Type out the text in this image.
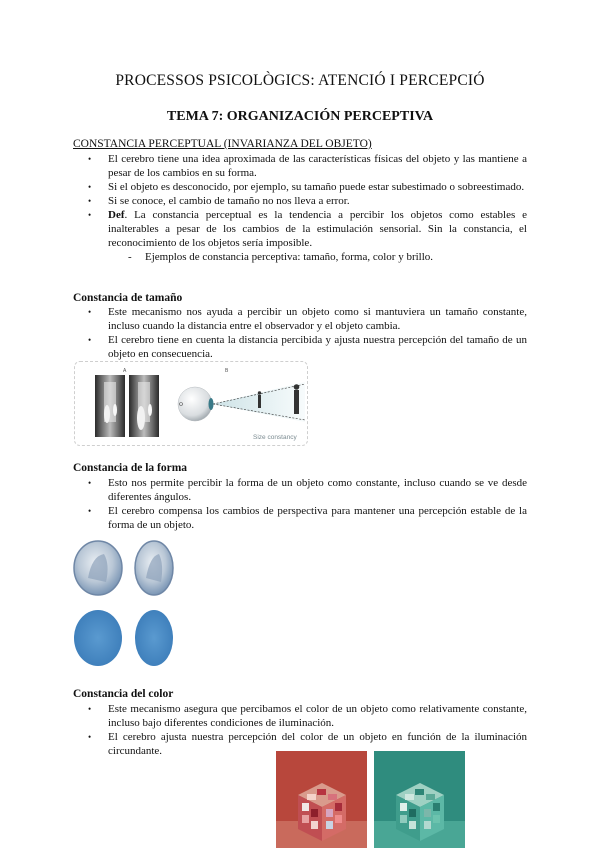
PROCESSOS PSICOLÒGICS: ATENCIÓ I PERCEPCIÓ
TEMA 7: ORGANIZACIÓN PERCEPTIVA
CONSTANCIA PERCEPTUAL (INVARIANZA DEL OBJETO)
• El cerebro tiene una idea aproximada de las características físicas del objeto y las mantiene a pesar de los cambios en su forma.
• Si el objeto es desconocido, por ejemplo, su tamaño puede estar subestimado o sobreestimado.
• Si se conoce, el cambio de tamaño no nos lleva a error.
• Def. La constancia perceptual es la tendencia a percibir los objetos como estables e inalterables a pesar de los cambios de la estimulación sensorial. Sin la constancia, el reconocimiento de los objetos sería imposible.
- Ejemplos de constancia perceptiva: tamaño, forma, color y brillo.
Constancia de tamaño
• Este mecanismo nos ayuda a percibir un objeto como si mantuviera un tamaño constante, incluso cuando la distancia entre el observador y el objeto cambia.
• El cerebro tiene en cuenta la distancia percibida y ajusta nuestra percepción del tamaño de un objeto en consecuencia.
A	B
Size constancy
Constancia de la forma
• Esto nos permite percibir la forma de un objeto como constante, incluso cuando se ve desde diferentes ángulos.
• El cerebro compensa los cambios de perspectiva para mantener una percepción estable de la forma de un objeto.
Constancia del color
• Este mecanismo asegura que percibamos el color de un objeto como relativamente constante, incluso bajo diferentes condiciones de iluminación.
• El cerebro ajusta nuestra percepción del color de un objeto en función de la iluminación circundante.
